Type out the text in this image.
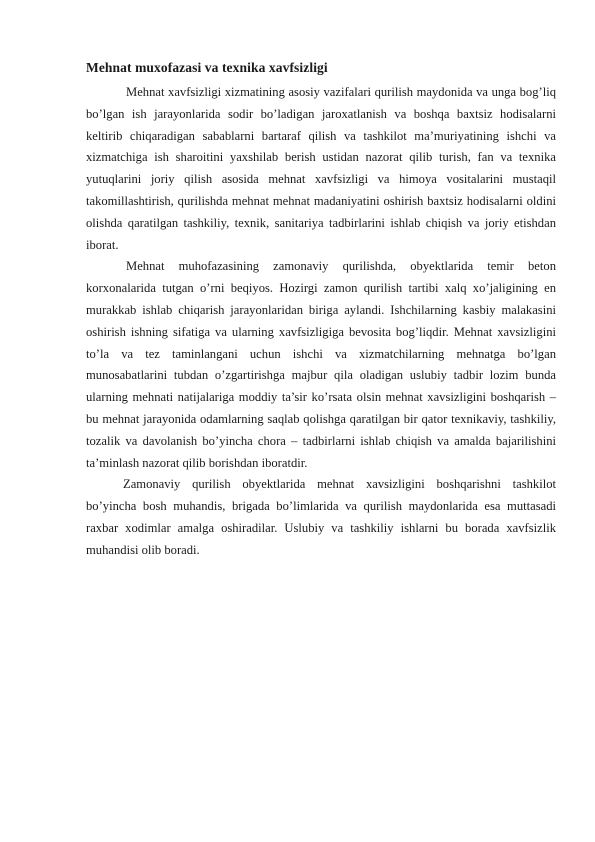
Mehnat muxofazasi va texnika xavfsizligi

Mehnat xavfsizligi xizmatining asosiy vazifalari qurilish maydonida va unga bog’liq bo’lgan ish jarayonlarida sodir bo’ladigan jaroxatlanish va boshqa baxtsiz hodisalarni keltirib chiqaradigan sabablarni bartaraf qilish va tashkilot ma’muriyatining ishchi va xizmatchiga ish sharoitini yaxshilab berish ustidan nazorat qilib turish, fan va texnika yutuqlarini joriy qilish asosida mehnat xavfsizligi va himoya vositalarini mustaqil takomillashtirish, qurilishda mehnat mehnat madaniyatini oshirish baxtsiz hodisalarni oldini olishda qaratilgan tashkiliy, texnik, sanitariya tadbirlarini ishlab chiqish va joriy etishdan iborat.

Mehnat muhofazasining zamonaviy qurilishda, obyektlarida temir beton korxonalarida tutgan o’rni beqiyos. Hozirgi zamon qurilish tartibi xalq xo’jaligining en murakkab ishlab chiqarish jarayonlaridan biriga aylandi. Ishchilarning kasbiy malakasini oshirish ishning sifatiga va ularning xavfsizligiga bevosita bog’liqdir. Mehnat xavsizligini to’la va tez taminlangani uchun ishchi va xizmatchilarning mehnatga bo’lgan munosabatlarini tubdan o’zgartirishga majbur qila oladigan uslubiy tadbir lozim bunda ularning mehnati natijalariga moddiy ta’sir ko’rsata olsin mehnat xavsizligini boshqarish – bu mehnat jarayonida odamlarning saqlab qolishga qaratilgan bir qator texnikaviy, tashkiliy, tozalik va davolanish bo’yincha chora – tadbirlarni ishlab chiqish va amalda bajarilishini ta’minlash nazorat qilib borishdan iboratdir.

Zamonaviy qurilish obyektlarida mehnat xavsizligini boshqarishni tashkilot bo’yincha bosh muhandis, brigada bo’limlarida va qurilish maydonlarida esa muttasadi raxbar xodimlar amalga oshiradilar. Uslubiy va tashkiliy ishlarni bu borada xavfsizlik muhandisi olib boradi.
